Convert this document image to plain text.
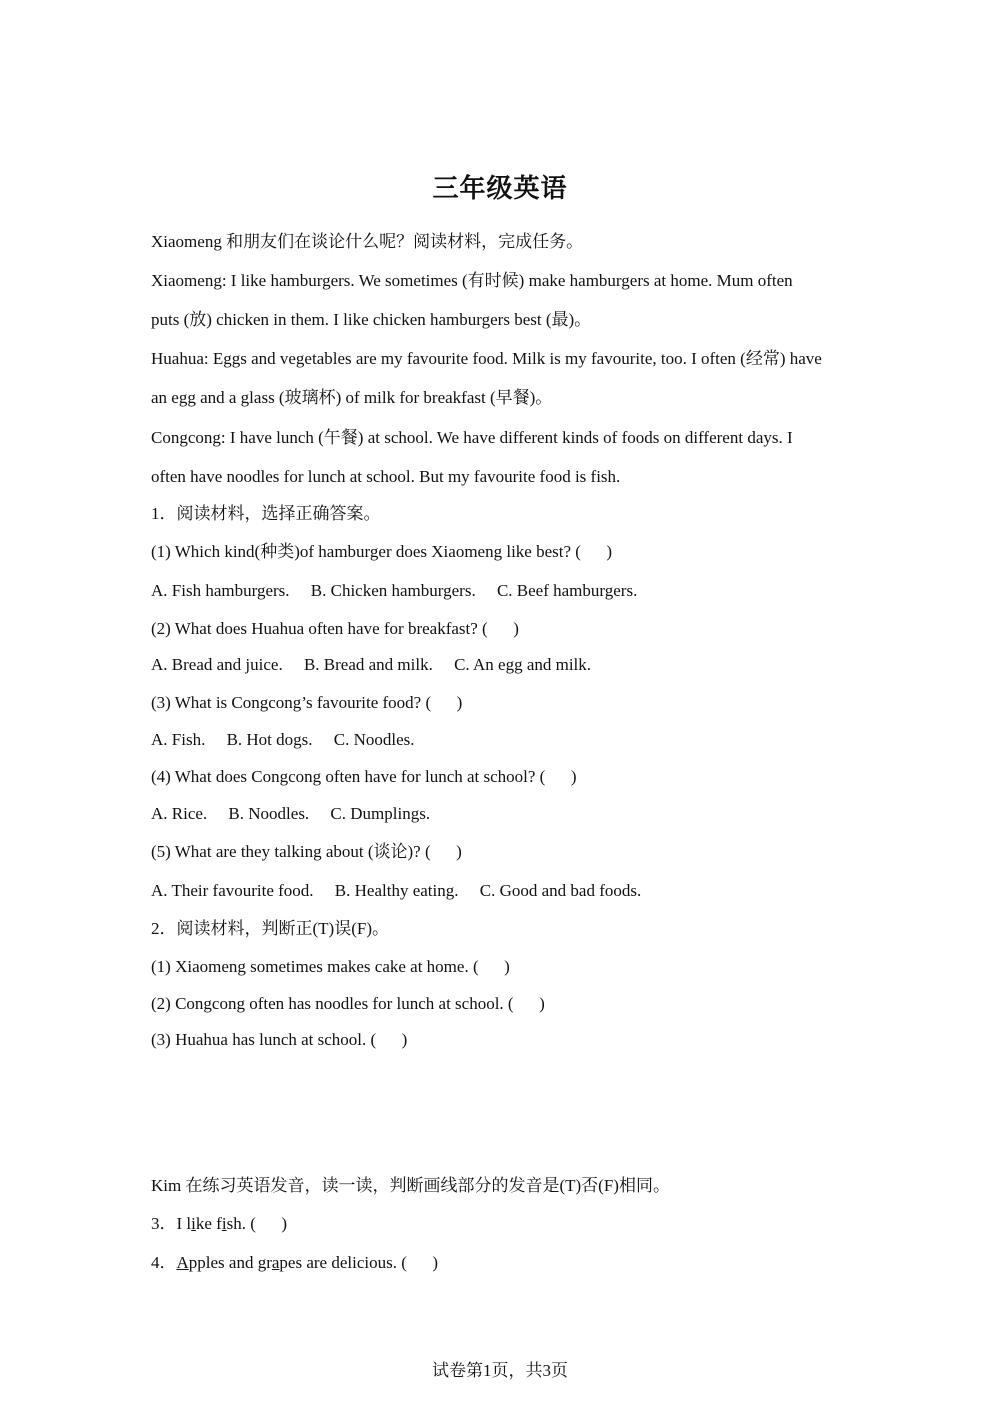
三年级英语
Xiaomeng 和朋友们在谈论什么呢？阅读材料，完成任务。
Xiaomeng: I like hamburgers. We sometimes (有时候) make hamburgers at home. Mum often
puts (放) chicken in them. I like chicken hamburgers best (最)。
Huahua: Eggs and vegetables are my favourite food. Milk is my favourite, too. I often (经常) have
an egg and a glass (玻璃杯) of milk for breakfast (早餐)。
Congcong: I have lunch (午餐) at school. We have different kinds of foods on different days. I
often have noodles for lunch at school. But my favourite food is fish.
1．阅读材料，选择正确答案。
(1) Which kind(种类)of hamburger does Xiaomeng like best? (      )
A. Fish hamburgers.     B. Chicken hamburgers.     C. Beef hamburgers.
(2) What does Huahua often have for breakfast? (      )
A. Bread and juice.     B. Bread and milk.     C. An egg and milk.
(3) What is Congcong’s favourite food? (      )
A. Fish.     B. Hot dogs.     C. Noodles.
(4) What does Congcong often have for lunch at school? (      )
A. Rice.     B. Noodles.     C. Dumplings.
(5) What are they talking about (谈论)? (      )
A. Their favourite food.     B. Healthy eating.     C. Good and bad foods.
2．阅读材料，判断正(T)误(F)。
(1) Xiaomeng sometimes makes cake at home. (      )
(2) Congcong often has noodles for lunch at school. (      )
(3) Huahua has lunch at school. (      )
Kim 在练习英语发音，读一读，判断画线部分的发音是(T)否(F)相同。
3．I like fish. (      )
4．Apples and grapes are delicious. (      )
试卷第1页，共3页
